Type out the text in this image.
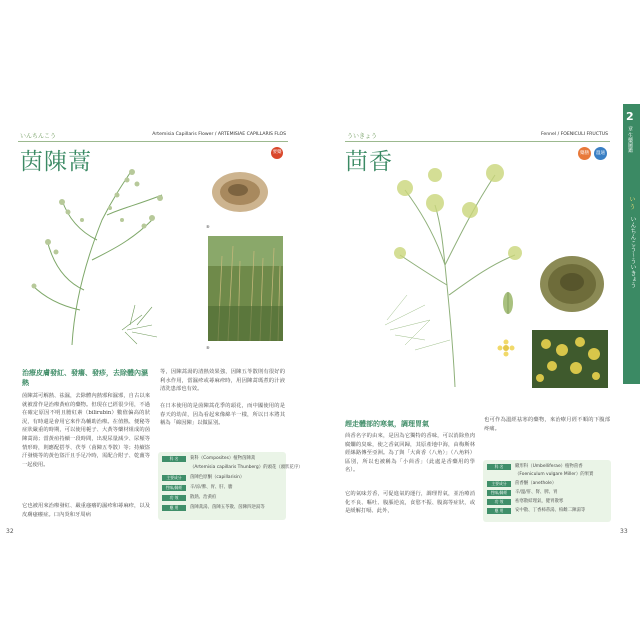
いんちんこう	Artemisia Capillaris Flower / ARTEMISIAE CAPILLARIS FLOS
茵陳蒿	要藥
⑧
⑧
治療皮膚發紅、發癢、發疹，去除體內濕熱
茵陳蒿可解熱、祛濕，去除體內熱邪和濕邪，自古以來就被當作是治療黃疸的藥物。但現在已經很少用，不過在確定原因不明且膽紅素（bilirubin）數值偏高的狀況，有時還是會用它來作為輔助治療。在值熱、便秘等症狀嚴重的時期，可以使用梔子、大黃等藥材組成的茵陳蒿湯；當黃疸持續一段時間，出現尿量減少、尿頻等情形時，則應配搭苓、茯苓（茵陳五苓散）等；持續盜汗發燒等的黃色盜汗且手足冷時，需配合附子、乾薑等一起使用。
它也被用來治療發紅、嚴重瘙癢的濕疹和蕁麻疹，以及皮膚瘙癢症。口內炎和牙周病
等，因陳蒿湯的清熱效果強，因陳五苓散則有很好的利水作用，當濕疹或蕁麻疹時，用因陳蒿瑪煮的汁液清洗患部也有效。
在日本使用的是茵陳蒿花季的頭花，而中國使用的是春天的幼苗，因為看起來像綿羊一樣，所以日本將其稱為「綿因陳」以做區別。
科 名	菊科（Composites）植物茵陳蒿
（Artemisia capillaris Thunberg）的頭花（頭狀花序）
主要成分	茵陳色原酮（capillarisin）
性味/歸經	辛/涼/脾、胃、肝、膽
功 效	散熱、治黃疸
應 用	茵陳蒿湯、茵陳五苓散、茵陳四逆湯等
32
ういきょう	Fennel / FOENICULI FRUCTUS
茴香	藥膳	溫通
趕走體部的寒氣，調理胃氣
茴香名字的由來，是因為它獨特的香味，可以消除魚肉腐爛的臭味，使之香氣回歸，其原產地中海，由梅斯林經絲路傳至亞洲。為了與「大茴香（八角）」（八角料）區別，所以也被稱為「小茴香」（此處是香藥用的學名）。
它的氣味芳香，可促進氣的運行，調理胃氣，並治療消化不良、嘔吐、腹脹逆流，食慾不振、腹瀉等症狀，或是緩解打嗝、此外，
也可作為溫經祛寒的藥物，來治療月經不順的下腹部疼痛。
科 名	繖形科（Umbelliferae）植物茴香
（Foeniculum vulgare Miller）的果實
主要成分	茴香醚（anethole）
性味/歸經	辛/溫/肝、腎、脾、胃
功 效	袪寒散結理氣，健胃散寒
應 用	安中散、丁香柿蒂湯、柏雌二陳湯等
33
2
章 生藥圖鑑
い う
いんちんこう～ういきょう
